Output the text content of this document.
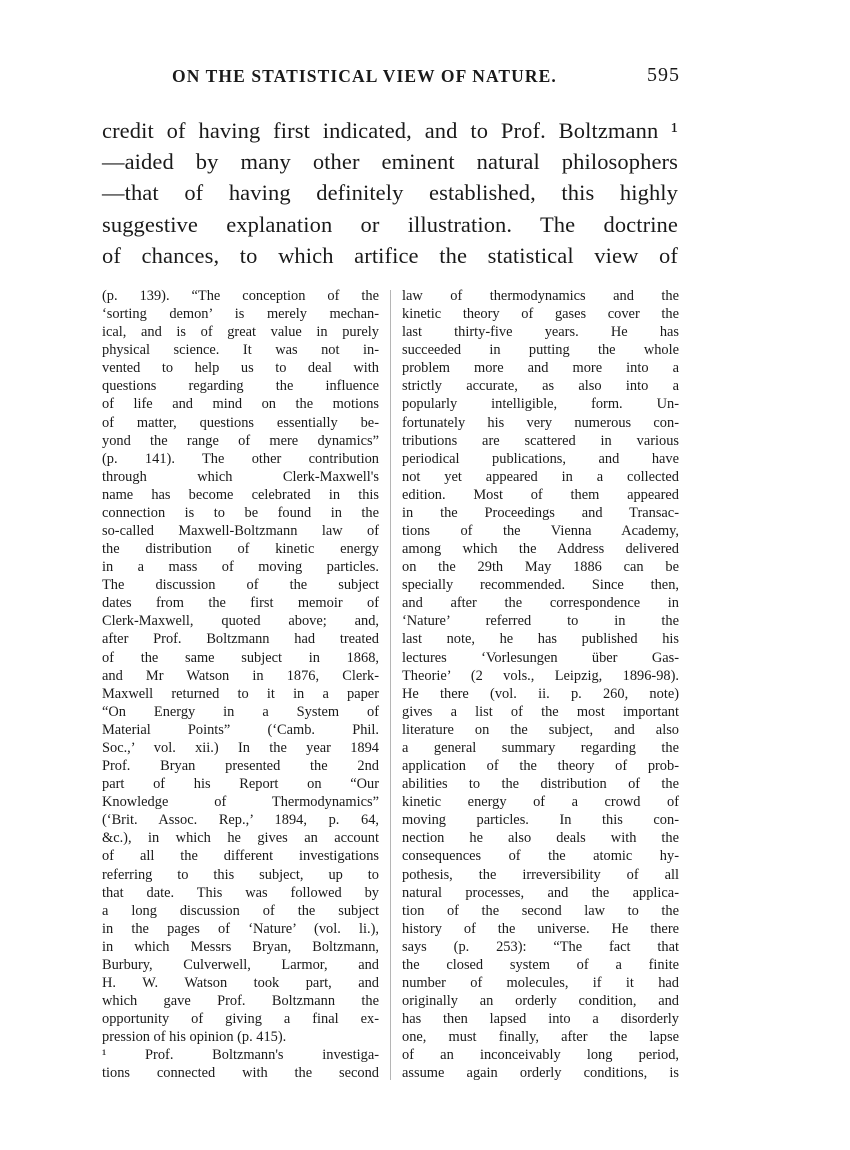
ON THE STATISTICAL VIEW OF NATURE.	595
credit of having first indicated, and to Prof. Boltzmann ¹
—aided by many other eminent natural philosophers
—that of having definitely established, this highly
suggestive explanation or illustration. The doctrine
of chances, to which artifice the statistical view of
(p. 139). “The conception of the
‘sorting demon’ is merely mechan-
ical, and is of great value in purely
physical science. It was not in-
vented to help us to deal with
questions regarding the influence
of life and mind on the motions
of matter, questions essentially be-
yond the range of mere dynamics”
(p. 141). The other contribution
through which Clerk-Maxwell's
name has become celebrated in this
connection is to be found in the
so-called Maxwell-Boltzmann law of
the distribution of kinetic energy
in a mass of moving particles.
The discussion of the subject
dates from the first memoir of
Clerk-Maxwell, quoted above; and,
after Prof. Boltzmann had treated
of the same subject in 1868,
and Mr Watson in 1876, Clerk-
Maxwell returned to it in a paper
“On Energy in a System of
Material Points” (‘Camb. Phil.
Soc.,’ vol. xii.) In the year 1894
Prof. Bryan presented the 2nd
part of his Report on “Our
Knowledge of Thermodynamics”
(‘Brit. Assoc. Rep.,’ 1894, p. 64,
&c.), in which he gives an account
of all the different investigations
referring to this subject, up to
that date. This was followed by
a long discussion of the subject
in the pages of ‘Nature’ (vol. li.),
in which Messrs Bryan, Boltzmann,
Burbury, Culverwell, Larmor, and
H. W. Watson took part, and
which gave Prof. Boltzmann the
opportunity of giving a final ex-
pression of his opinion (p. 415).
¹ Prof. Boltzmann's investiga-
tions connected with the second
law of thermodynamics and the
kinetic theory of gases cover the
last thirty-five years. He has
succeeded in putting the whole
problem more and more into a
strictly accurate, as also into a
popularly intelligible, form. Un-
fortunately his very numerous con-
tributions are scattered in various
periodical publications, and have
not yet appeared in a collected
edition. Most of them appeared
in the Proceedings and Transac-
tions of the Vienna Academy,
among which the Address delivered
on the 29th May 1886 can be
specially recommended. Since then,
and after the correspondence in
‘Nature’ referred to in the
last note, he has published his
lectures ‘Vorlesungen über Gas-
Theorie’ (2 vols., Leipzig, 1896-98).
He there (vol. ii. p. 260, note)
gives a list of the most important
literature on the subject, and also
a general summary regarding the
application of the theory of prob-
abilities to the distribution of the
kinetic energy of a crowd of
moving particles. In this con-
nection he also deals with the
consequences of the atomic hy-
pothesis, the irreversibility of all
natural processes, and the applica-
tion of the second law to the
history of the universe. He there
says (p. 253): “The fact that
the closed system of a finite
number of molecules, if it had
originally an orderly condition, and
has then lapsed into a disorderly
one, must finally, after the lapse
of an inconceivably long period,
assume again orderly conditions, is
